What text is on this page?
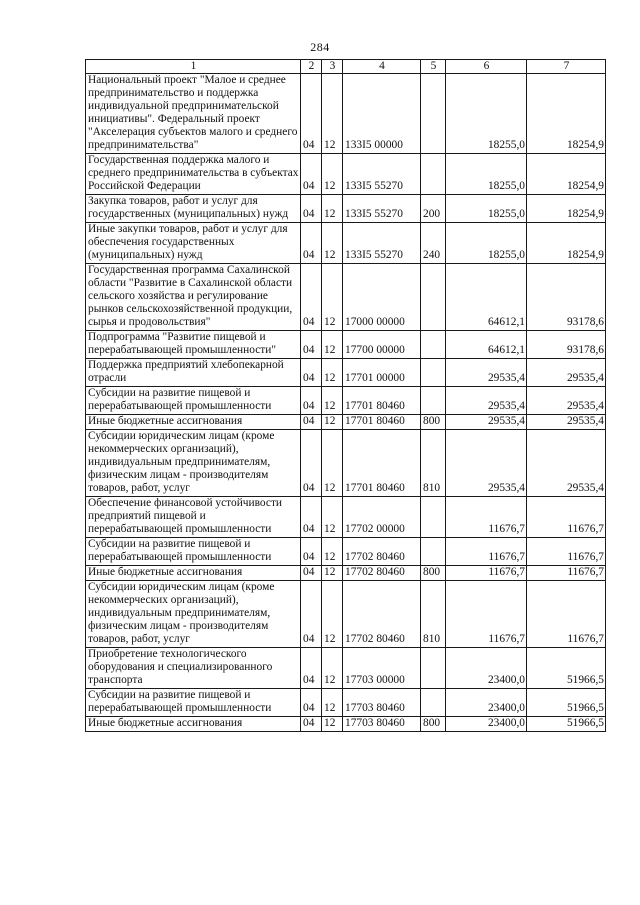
284
1	2	3	4	5	6	7
Национальный проект "Малое и среднее предпринимательство и поддержка индивидуальной предпринимательской инициативы". Федеральный проект "Акселерация субъектов малого и среднего предпринимательства"	04	12	133I5 00000		18255,0	18254,9
Государственная поддержка малого и среднего предпринимательства в субъектах Российской Федерации	04	12	133I5 55270		18255,0	18254,9
Закупка товаров, работ и услуг для государственных (муниципальных) нужд	04	12	133I5 55270	200	18255,0	18254,9
Иные закупки товаров, работ и услуг для обеспечения государственных (муниципальных) нужд	04	12	133I5 55270	240	18255,0	18254,9
Государственная программа Сахалинской области "Развитие в Сахалинской области сельского хозяйства и регулирование рынков сельскохозяйственной продукции, сырья и продовольствия"	04	12	17000 00000		64612,1	93178,6
Подпрограмма "Развитие пищевой и перерабатывающей промышленности"	04	12	17700 00000		64612,1	93178,6
Поддержка предприятий хлебопекарной отрасли	04	12	17701 00000		29535,4	29535,4
Субсидии на развитие пищевой и перерабатывающей промышленности	04	12	17701 80460		29535,4	29535,4
Иные бюджетные ассигнования	04	12	17701 80460	800	29535,4	29535,4
Субсидии юридическим лицам (кроме некоммерческих организаций), индивидуальным предпринимателям, физическим лицам - производителям товаров, работ, услуг	04	12	17701 80460	810	29535,4	29535,4
Обеспечение финансовой устойчивости предприятий пищевой и перерабатывающей промышленности	04	12	17702 00000		11676,7	11676,7
Субсидии на развитие пищевой и перерабатывающей промышленности	04	12	17702 80460		11676,7	11676,7
Иные бюджетные ассигнования	04	12	17702 80460	800	11676,7	11676,7
Субсидии юридическим лицам (кроме некоммерческих организаций), индивидуальным предпринимателям, физическим лицам - производителям товаров, работ, услуг	04	12	17702 80460	810	11676,7	11676,7
Приобретение технологического оборудования и специализированного транспорта	04	12	17703 00000		23400,0	51966,5
Субсидии на развитие пищевой и перерабатывающей промышленности	04	12	17703 80460		23400,0	51966,5
Иные бюджетные ассигнования	04	12	17703 80460	800	23400,0	51966,5
